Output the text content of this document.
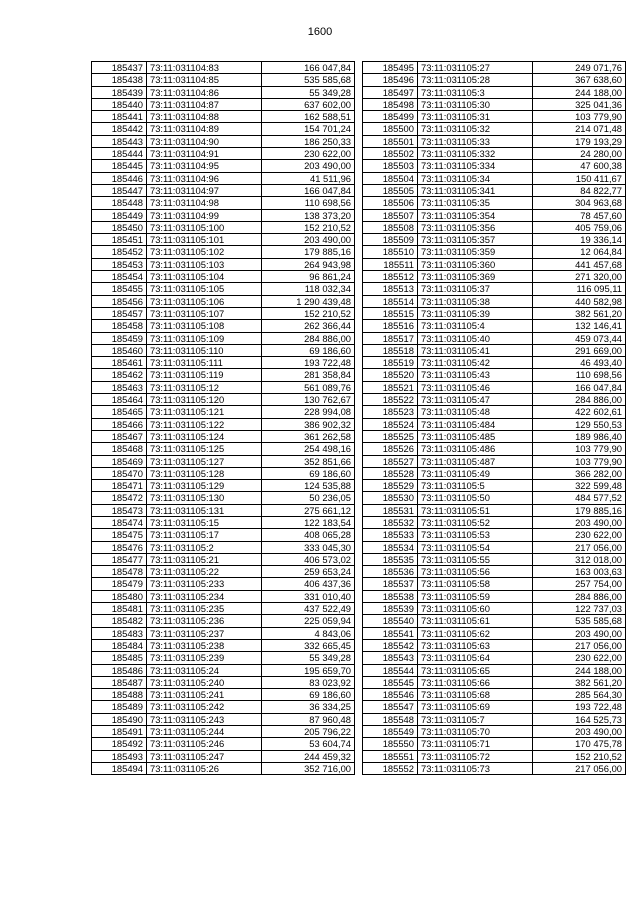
1600
185437	73:11:031104:83	166 047,84
185438	73:11:031104:85	535 585,68
185439	73:11:031104:86	55 349,28
185440	73:11:031104:87	637 602,00
185441	73:11:031104:88	162 588,51
185442	73:11:031104:89	154 701,24
185443	73:11:031104:90	186 250,33
185444	73:11:031104:91	230 622,00
185445	73:11:031104:95	203 490,00
185446	73:11:031104:96	41 511,96
185447	73:11:031104:97	166 047,84
185448	73:11:031104:98	110 698,56
185449	73:11:031104:99	138 373,20
185450	73:11:031105:100	152 210,52
185451	73:11:031105:101	203 490,00
185452	73:11:031105:102	179 885,16
185453	73:11:031105:103	264 943,98
185454	73:11:031105:104	96 861,24
185455	73:11:031105:105	118 032,34
185456	73:11:031105:106	1 290 439,48
185457	73:11:031105:107	152 210,52
185458	73:11:031105:108	262 366,44
185459	73:11:031105:109	284 886,00
185460	73:11:031105:110	69 186,60
185461	73:11:031105:111	193 722,48
185462	73:11:031105:119	281 358,84
185463	73:11:031105:12	561 089,76
185464	73:11:031105:120	130 762,67
185465	73:11:031105:121	228 994,08
185466	73:11:031105:122	386 902,32
185467	73:11:031105:124	361 262,58
185468	73:11:031105:125	254 498,16
185469	73:11:031105:127	352 851,66
185470	73:11:031105:128	69 186,60
185471	73:11:031105:129	124 535,88
185472	73:11:031105:130	50 236,05
185473	73:11:031105:131	275 661,12
185474	73:11:031105:15	122 183,54
185475	73:11:031105:17	408 065,28
185476	73:11:031105:2	333 045,30
185477	73:11:031105:21	406 573,02
185478	73:11:031105:22	259 653,24
185479	73:11:031105:233	406 437,36
185480	73:11:031105:234	331 010,40
185481	73:11:031105:235	437 522,49
185482	73:11:031105:236	225 059,94
185483	73:11:031105:237	4 843,06
185484	73:11:031105:238	332 665,45
185485	73:11:031105:239	55 349,28
185486	73:11:031105:24	195 659,70
185487	73:11:031105:240	83 023,92
185488	73:11:031105:241	69 186,60
185489	73:11:031105:242	36 334,25
185490	73:11:031105:243	87 960,48
185491	73:11:031105:244	205 796,22
185492	73:11:031105:246	53 604,74
185493	73:11:031105:247	244 459,32
185494	73:11:031105:26	352 716,00
185495	73:11:031105:27	249 071,76
185496	73:11:031105:28	367 638,60
185497	73:11:031105:3	244 188,00
185498	73:11:031105:30	325 041,36
185499	73:11:031105:31	103 779,90
185500	73:11:031105:32	214 071,48
185501	73:11:031105:33	179 193,29
185502	73:11:031105:332	24 280,00
185503	73:11:031105:334	47 600,38
185504	73:11:031105:34	150 411,67
185505	73:11:031105:341	84 822,77
185506	73:11:031105:35	304 963,68
185507	73:11:031105:354	78 457,60
185508	73:11:031105:356	405 759,06
185509	73:11:031105:357	19 336,14
185510	73:11:031105:359	12 064,84
185511	73:11:031105:360	441 457,68
185512	73:11:031105:369	271 320,00
185513	73:11:031105:37	116 095,11
185514	73:11:031105:38	440 582,98
185515	73:11:031105:39	382 561,20
185516	73:11:031105:4	132 146,41
185517	73:11:031105:40	459 073,44
185518	73:11:031105:41	291 669,00
185519	73:11:031105:42	46 493,40
185520	73:11:031105:43	110 698,56
185521	73:11:031105:46	166 047,84
185522	73:11:031105:47	284 886,00
185523	73:11:031105:48	422 602,61
185524	73:11:031105:484	129 550,53
185525	73:11:031105:485	189 986,40
185526	73:11:031105:486	103 779,90
185527	73:11:031105:487	103 779,90
185528	73:11:031105:49	366 282,00
185529	73:11:031105:5	322 599,48
185530	73:11:031105:50	484 577,52
185531	73:11:031105:51	179 885,16
185532	73:11:031105:52	203 490,00
185533	73:11:031105:53	230 622,00
185534	73:11:031105:54	217 056,00
185535	73:11:031105:55	312 018,00
185536	73:11:031105:56	163 003,63
185537	73:11:031105:58	257 754,00
185538	73:11:031105:59	284 886,00
185539	73:11:031105:60	122 737,03
185540	73:11:031105:61	535 585,68
185541	73:11:031105:62	203 490,00
185542	73:11:031105:63	217 056,00
185543	73:11:031105:64	230 622,00
185544	73:11:031105:65	244 188,00
185545	73:11:031105:66	382 561,20
185546	73:11:031105:68	285 564,30
185547	73:11:031105:69	193 722,48
185548	73:11:031105:7	164 525,73
185549	73:11:031105:70	203 490,00
185550	73:11:031105:71	170 475,78
185551	73:11:031105:72	152 210,52
185552	73:11:031105:73	217 056,00
